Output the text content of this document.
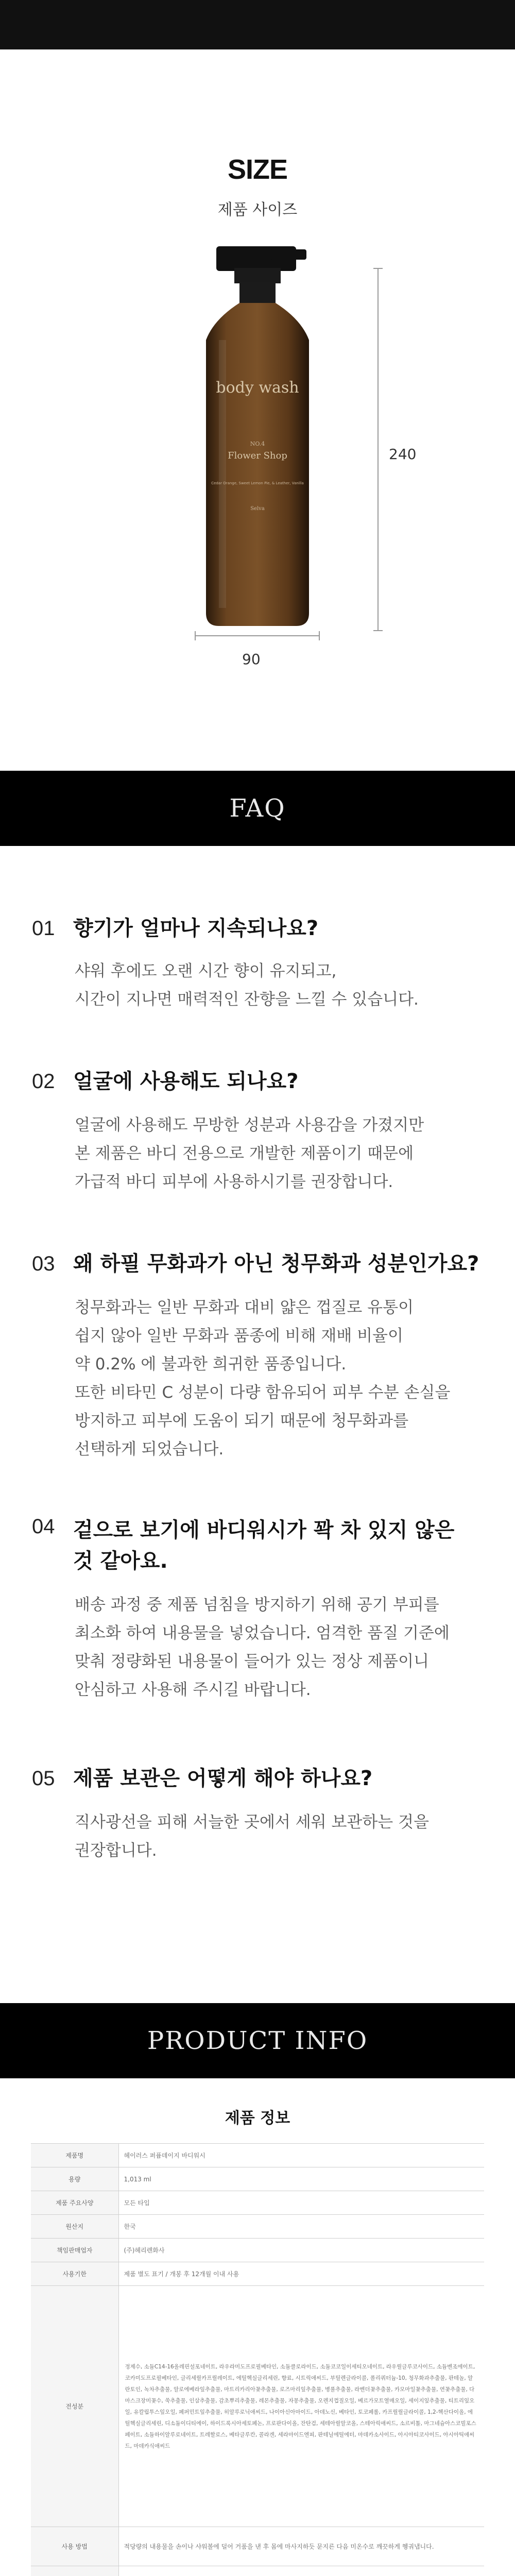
SIZE
제품 사이즈
body wash
NO.4
Flower Shop
Cedar Orange, Sweet Lemon Pie, & Leather, Vanilla
Selva
240
90
FAQ
01 향기가 얼마나 지속되나요?
샤워 후에도 오랜 시간 향이 유지되고,
시간이 지나면 매력적인 잔향을 느낄 수 있습니다.
02 얼굴에 사용해도 되나요?
얼굴에 사용해도 무방한 성분과 사용감을 가졌지만
본 제품은 바디 전용으로 개발한 제품이기 때문에
가급적 바디 피부에 사용하시기를 권장합니다.
03 왜 하필 무화과가 아닌 청무화과 성분인가요?
청무화과는 일반 무화과 대비 얇은 껍질로 유통이
쉽지 않아 일반 무화과 품종에 비해 재배 비율이
약 0.2% 에 불과한 희귀한 품종입니다.
또한 비타민 C 성분이 다량 함유되어 피부 수분 손실을
방지하고 피부에 도움이 되기 때문에 청무화과를
선택하게 되었습니다.
04 겉으로 보기에 바디워시가 꽉 차 있지 않은 것 같아요.
배송 과정 중 제품 넘침을 방지하기 위해 공기 부피를
최소화 하여 내용물을 넣었습니다. 엄격한 품질 기준에
맞춰 정량화된 내용물이 들어가 있는 정상 제품이니
안심하고 사용해 주시길 바랍니다.
05 제품 보관은 어떻게 해야 하나요?
직사광선을 피해 서늘한 곳에서 세워 보관하는 것을
권장합니다.
PRODUCT INFO
제품 정보
제품명	헤이러스 퍼퓸데이지 바디워시
용량	1,013 ml
제품 주요사양	모든 타입
원산지	한국
책임판매업자	(주)헤리렌화사
사용기한	제품 별도 표기 / 개봉 후 12개월 이내 사용
전성분	정제수, 소듐C14-16올레핀설포네이트, 라우라미도프로필베타인, 소듐클로라이드, 소듐코코일이세티오네이트, 라우릴글루코사이드, 소듐벤조에이트, 코카미도프로필베타인, 글리세릴카프릴레이트, 에틸헥실글리세린, 향료, 시트릭애씨드, 부틸렌글라이콜, 폴리쿼터늄-10, 청무화과추출물, 판테놀, 알란토인, 녹차추출물, 알로에베라잎추출물, 마트리카리아꽃추출물, 로즈마리잎추출물, 병풀추출물, 라벤더꽃추출물, 카모마일꽃추출물, 연꽃추출물, 다마스크장미꽃수, 쑥추출물, 인삼추출물, 감초뿌리추출물, 레몬추출물, 자몽추출물, 오렌지껍질오일, 베르가모트열매오일, 세이지잎추출물, 티트리잎오일, 유칼립투스잎오일, 페퍼민트잎추출물, 히알루로닉애씨드, 나이아신아마이드, 아데노신, 베타인, 토코페롤, 카프릴릴글라이콜, 1,2-헥산다이올, 에틸헥실글리세린, 디소듐이디티에이, 하이드록시아세토페논, 프로판다이올, 잔탄검, 세테아릴알코올, 스테아릭애씨드, 소르비톨, 마그네슘아스코빌포스페이트, 소듐하이알루로네이트, 트레할로스, 베타글루칸, 콜라겐, 세라마이드엔피, 판테닐에틸에터, 마데카소사이드, 아시아티코사이드, 아시아틱애씨드, 마데카식애씨드
사용 방법	적당량의 내용물을 손이나 샤워볼에 덜어 거품을 낸 후 몸에 마사지하듯 문지른 다음 미온수로 깨끗하게 헹궈냅니다.
